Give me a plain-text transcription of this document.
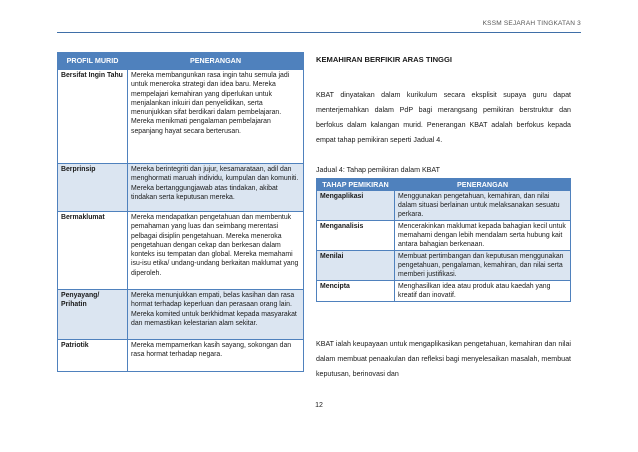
KSSM SEJARAH TINGKATAN 3
PROFIL MURID	PENERANGAN
Bersifat Ingin Tahu	Mereka membangunkan rasa ingin tahu semula jadi untuk meneroka strategi dan idea baru. Mereka mempelajari kemahiran yang diperlukan untuk menjalankan inkuiri dan penyelidikan, serta menunjukkan sifat berdikari dalam pembelajaran. Mereka menikmati pengalaman pembelajaran sepanjang hayat secara berterusan.
Berprinsip	Mereka berintegriti dan jujur, kesamarataan, adil dan menghormati maruah individu, kumpulan dan komuniti. Mereka bertanggungjawab atas tindakan, akibat tindakan serta keputusan mereka.
Bermaklumat	Mereka mendapatkan pengetahuan dan membentuk pemahaman yang luas dan seimbang merentasi pelbagai disiplin pengetahuan. Mereka meneroka pengetahuan dengan cekap dan berkesan dalam konteks isu tempatan dan global. Mereka memahami isu-isu etika/ undang-undang berkaitan maklumat yang diperoleh.
Penyayang/ Prihatin	Mereka menunjukkan empati, belas kasihan dan rasa hormat terhadap keperluan dan perasaan orang lain. Mereka komited untuk berkhidmat kepada masyarakat dan memastikan kelestarian alam sekitar.
Patriotik	Mereka mempamerkan kasih sayang, sokongan dan rasa hormat terhadap negara.
KEMAHIRAN BERFIKIR ARAS TINGGI
KBAT dinyatakan dalam kurikulum secara eksplisit supaya guru dapat menterjemahkan dalam PdP bagi merangsang pemikiran berstruktur dan berfokus dalam kalangan murid. Penerangan KBAT adalah berfokus kepada empat tahap pemikiran seperti Jadual 4.
Jadual 4: Tahap pemikiran dalam KBAT
TAHAP PEMIKIRAN	PENERANGAN
Mengaplikasi	Menggunakan pengetahuan, kemahiran, dan nilai dalam situasi berlainan untuk melaksanakan sesuatu perkara.
Menganalisis	Mencerakinkan maklumat kepada bahagian kecil untuk memahami dengan lebih mendalam serta hubung kait antara bahagian berkenaan.
Menilai	Membuat pertimbangan dan keputusan menggunakan pengetahuan, pengalaman, kemahiran, dan nilai serta memberi justifikasi.
Mencipta	Menghasilkan idea atau produk atau kaedah yang kreatif dan inovatif.
KBAT ialah keupayaan untuk mengaplikasikan pengetahuan, kemahiran dan nilai dalam membuat penaakulan dan refleksi bagi menyelesaikan masalah, membuat keputusan, berinovasi dan
12
